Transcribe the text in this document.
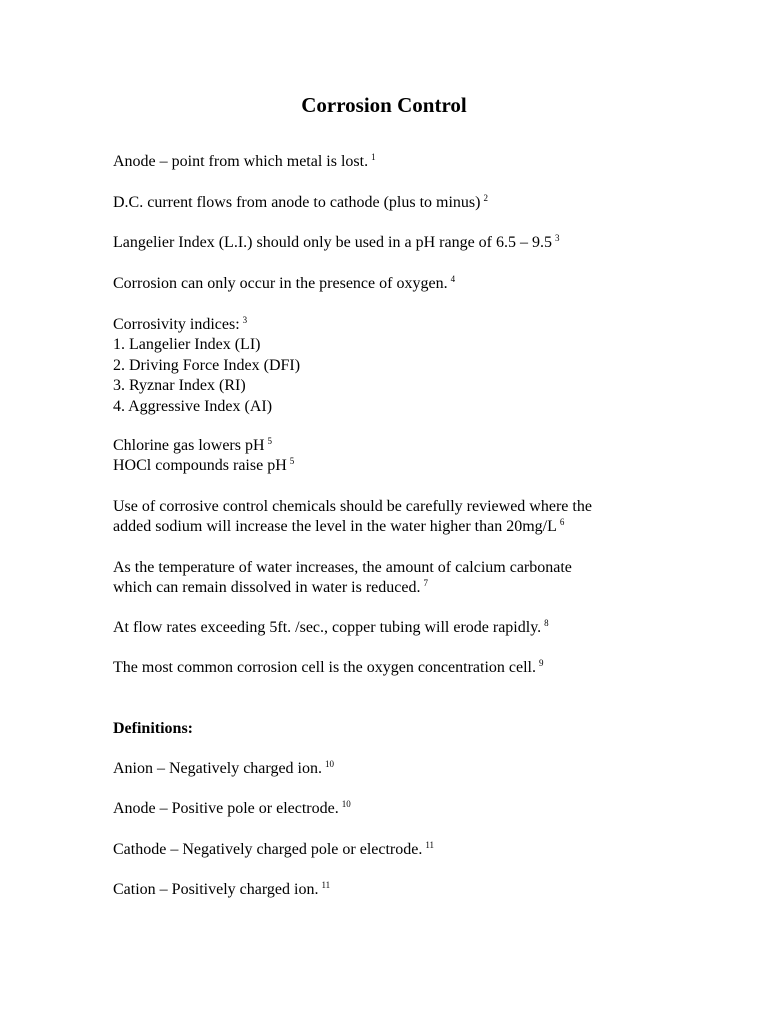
Corrosion Control

Anode – point from which metal is lost. $^1$

D.C. current flows from anode to cathode (plus to minus) $^2$

Langelier Index (L.I.) should only be used in a pH range of 6.5 – 9.5 $^3$

Corrosion can only occur in the presence of oxygen. $^4$

Corrosivity indices: $^3$

1. Langelier Index (LI)

2. Driving Force Index (DFI)

3. Ryznar Index (RI)

4. Aggressive Index (AI)

Chlorine gas lowers pH $^5$

HOCl compounds raise pH $^5$

Use of corrosive control chemicals should be carefully reviewed where the

added sodium will increase the level in the water higher than 20mg/L $^6$

As the temperature of water increases, the amount of calcium carbonate

which can remain dissolved in water is reduced. $^7$

At flow rates exceeding 5ft. /sec., copper tubing will erode rapidly. $^8$

The most common corrosion cell is the oxygen concentration cell. $^9$

Definitions:

Anion – Negatively charged ion. $^{10}$

Anode – Positive pole or electrode. $^{10}$

Cathode – Negatively charged pole or electrode. $^{11}$

Cation – Positively charged ion. $^{11}$
